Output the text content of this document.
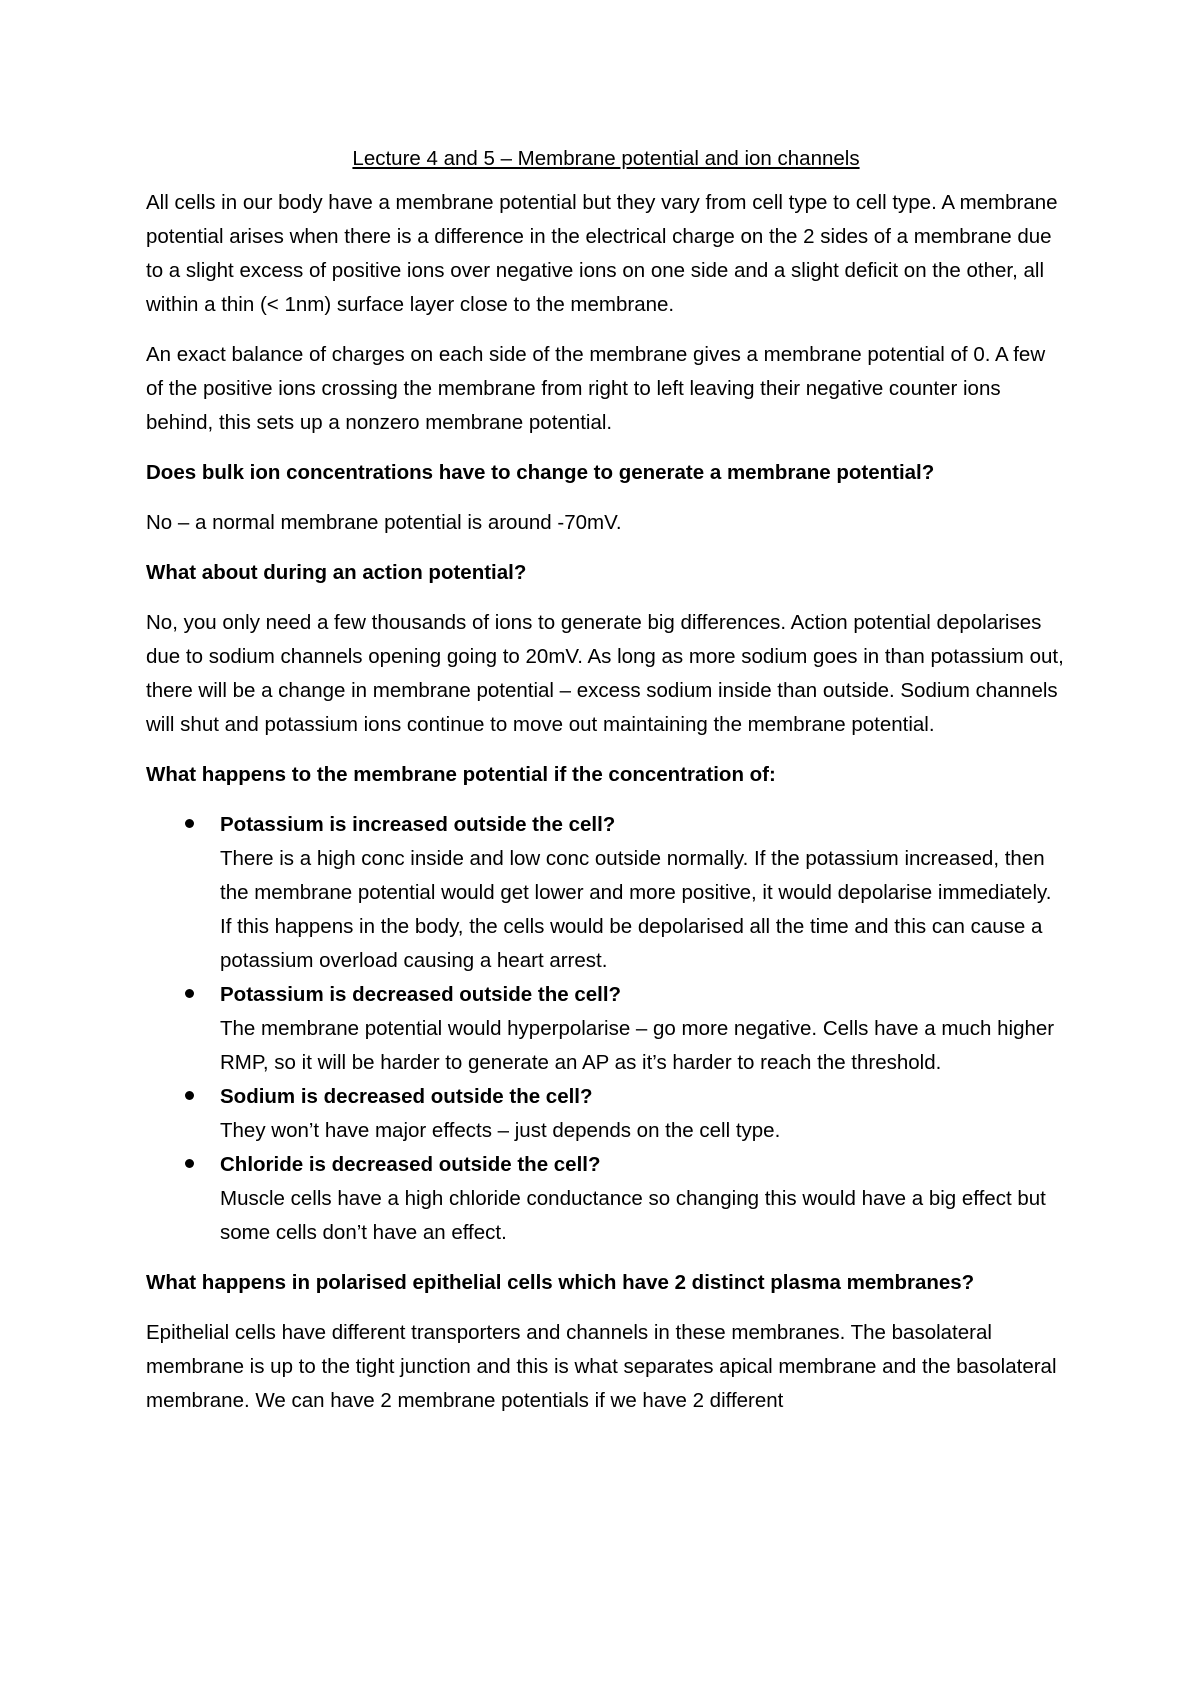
Lecture 4 and 5 – Membrane potential and ion channels

All cells in our body have a membrane potential but they vary from cell type to cell type. A membrane potential arises when there is a difference in the electrical charge on the 2 sides of a membrane due to a slight excess of positive ions over negative ions on one side and a slight deficit on the other, all within a thin (< 1nm) surface layer close to the membrane.

An exact balance of charges on each side of the membrane gives a membrane potential of 0. A few of the positive ions crossing the membrane from right to left leaving their negative counter ions behind, this sets up a nonzero membrane potential.

Does bulk ion concentrations have to change to generate a membrane potential?

No – a normal membrane potential is around -70mV.

What about during an action potential?

No, you only need a few thousands of ions to generate big differences. Action potential depolarises due to sodium channels opening going to 20mV. As long as more sodium goes in than potassium out, there will be a change in membrane potential – excess sodium inside than outside. Sodium channels will shut and potassium ions continue to move out maintaining the membrane potential.

What happens to the membrane potential if the concentration of:

Potassium is increased outside the cell?
There is a high conc inside and low conc outside normally. If the potassium increased, then the membrane potential would get lower and more positive, it would depolarise immediately. If this happens in the body, the cells would be depolarised all the time and this can cause a potassium overload causing a heart arrest.
Potassium is decreased outside the cell?
The membrane potential would hyperpolarise – go more negative. Cells have a much higher RMP, so it will be harder to generate an AP as it’s harder to reach the threshold.
Sodium is decreased outside the cell?
They won’t have major effects – just depends on the cell type.
Chloride is decreased outside the cell?
Muscle cells have a high chloride conductance so changing this would have a big effect but some cells don’t have an effect.

What happens in polarised epithelial cells which have 2 distinct plasma membranes?

Epithelial cells have different transporters and channels in these membranes. The basolateral membrane is up to the tight junction and this is what separates apical membrane and the basolateral membrane. We can have 2 membrane potentials if we have 2 different
